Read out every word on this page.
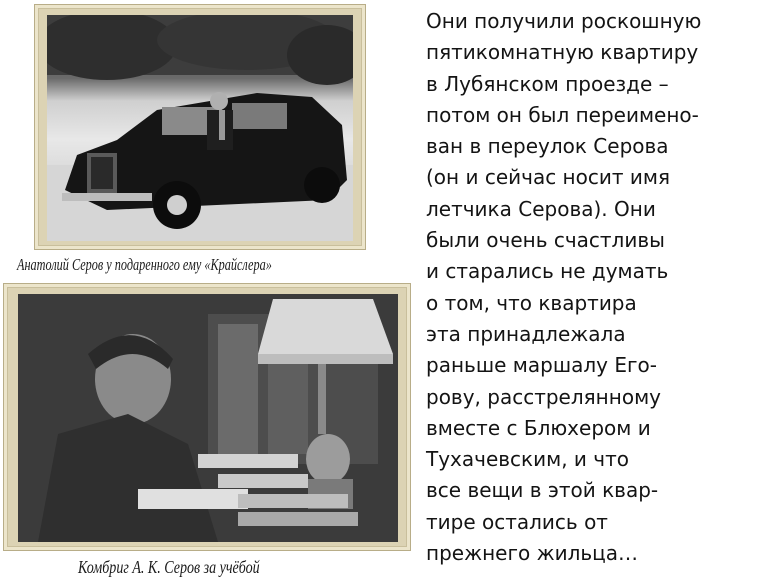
Анатолий Серов у подаренного ему «Крайслера»
Комбриг А. К. Серов за учёбой
Они получили роскошную
пятикомнатную квартиру
в Лубянском проезде –
потом он был переимено-
ван в переулок Серова
(он и сейчас носит имя
летчика Серова). Они
были очень счастливы
и старались не думать
о том, что квартира
эта принадлежала
раньше маршалу Его-
рову, расстрелянному
вместе с Блюхером и
Тухачевским, и что
все вещи в этой квар-
тире остались от
прежнего жильца…
